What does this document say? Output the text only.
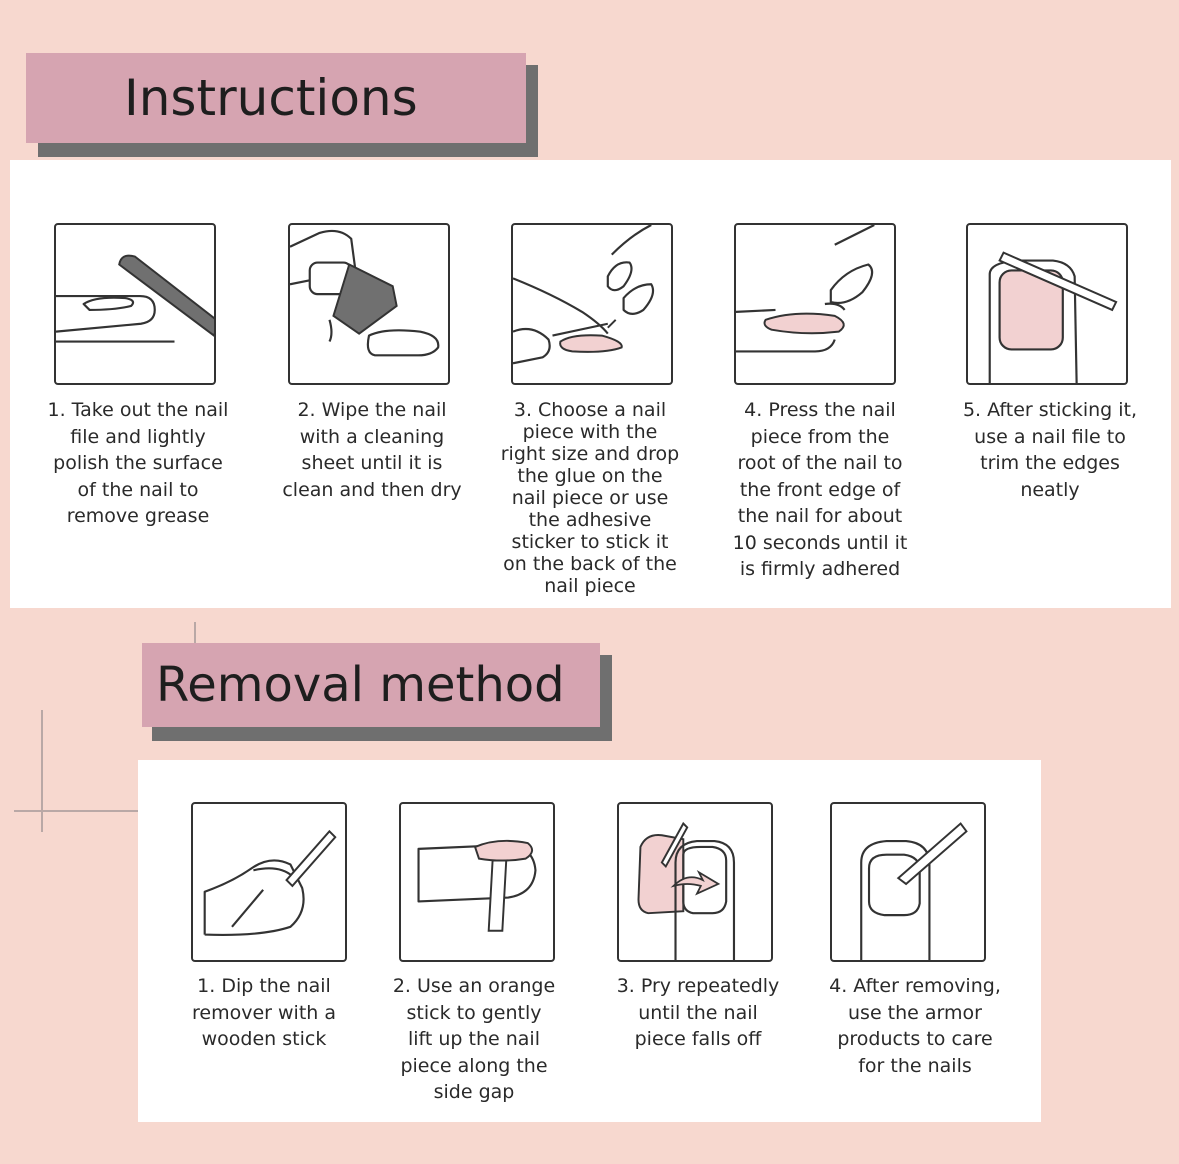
Instructions
1. Take out the nail
file and lightly
polish the surface
of the nail to
remove grease
2. Wipe the nail
with a cleaning
sheet until it is
clean and then dry
3. Choose a nail
piece with the
right size and drop
the glue on the
nail piece or use
the adhesive
sticker to stick it
on the back of the
nail piece
4. Press the nail
piece from the
root of the nail to
the front edge of
the nail for about
10 seconds until it
is firmly adhered
5. After sticking it,
use a nail file to
trim the edges
neatly
Removal method
1. Dip the nail
remover with a
wooden stick
2. Use an orange
stick to gently
lift up the nail
piece along the
side gap
3. Pry repeatedly
until the nail
piece falls off
4. After removing,
use the armor
products to care
for the nails
